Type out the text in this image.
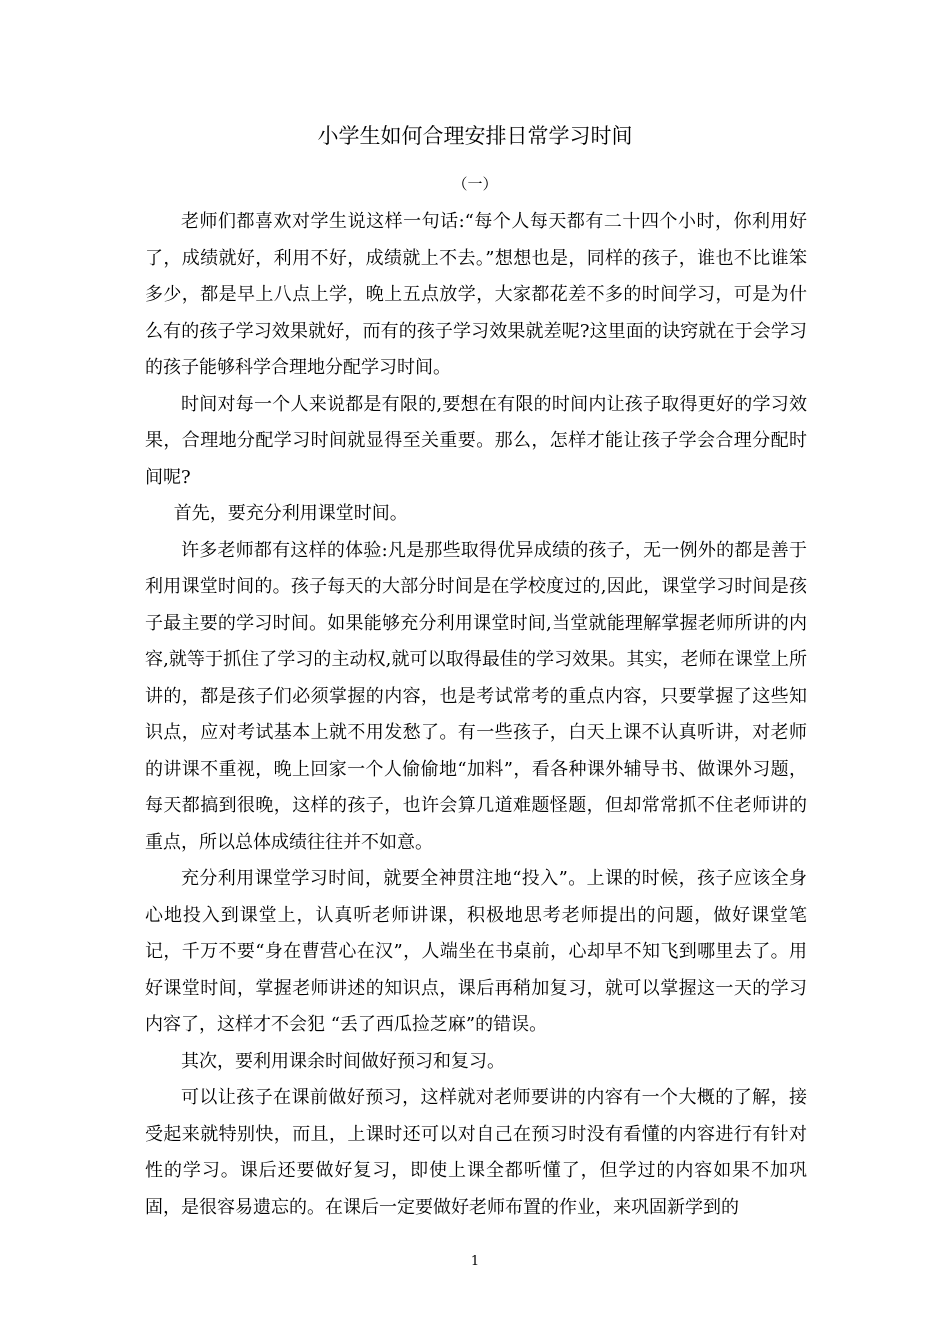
小学生如何合理安排日常学习时间
（一）

老师们都喜欢对学生说这样一句话:“每个人每天都有二十四个小时，你利用好了，成绩就好，利用不好，成绩就上不去。”想想也是，同样的孩子，谁也不比谁笨多少，都是早上八点上学，晚上五点放学，大家都花差不多的时间学习，可是为什么有的孩子学习效果就好，而有的孩子学习效果就差呢?这里面的诀窍就在于会学习的孩子能够科学合理地分配学习时间。

时间对每一个人来说都是有限的,要想在有限的时间内让孩子取得更好的学习效果，合理地分配学习时间就显得至关重要。那么，怎样才能让孩子学会合理分配时间呢?

首先，要充分利用课堂时间。

许多老师都有这样的体验:凡是那些取得优异成绩的孩子，无一例外的都是善于利用课堂时间的。孩子每天的大部分时间是在学校度过的,因此，课堂学习时间是孩子最主要的学习时间。如果能够充分利用课堂时间,当堂就能理解掌握老师所讲的内容,就等于抓住了学习的主动权,就可以取得最佳的学习效果。其实，老师在课堂上所讲的，都是孩子们必须掌握的内容，也是考试常考的重点内容，只要掌握了这些知识点，应对考试基本上就不用发愁了。有一些孩子，白天上课不认真听讲，对老师的讲课不重视，晚上回家一个人偷偷地“加料”，看各种课外辅导书、做课外习题，每天都搞到很晚，这样的孩子，也许会算几道难题怪题，但却常常抓不住老师讲的重点，所以总体成绩往往并不如意。

充分利用课堂学习时间，就要全神贯注地“投入”。上课的时候，孩子应该全身心地投入到课堂上，认真听老师讲课，积极地思考老师提出的问题，做好课堂笔记，千万不要“身在曹营心在汉”，人端坐在书桌前，心却早不知飞到哪里去了。用好课堂时间，掌握老师讲述的知识点，课后再稍加复习，就可以掌握这一天的学习内容了，这样才不会犯 “丢了西瓜捡芝麻”的错误。

其次，要利用课余时间做好预习和复习。

可以让孩子在课前做好预习，这样就对老师要讲的内容有一个大概的了解，接受起来就特别快，而且，上课时还可以对自己在预习时没有看懂的内容进行有针对性的学习。课后还要做好复习，即使上课全都听懂了，但学过的内容如果不加巩固，是很容易遗忘的。在课后一定要做好老师布置的作业，来巩固新学到的

1
